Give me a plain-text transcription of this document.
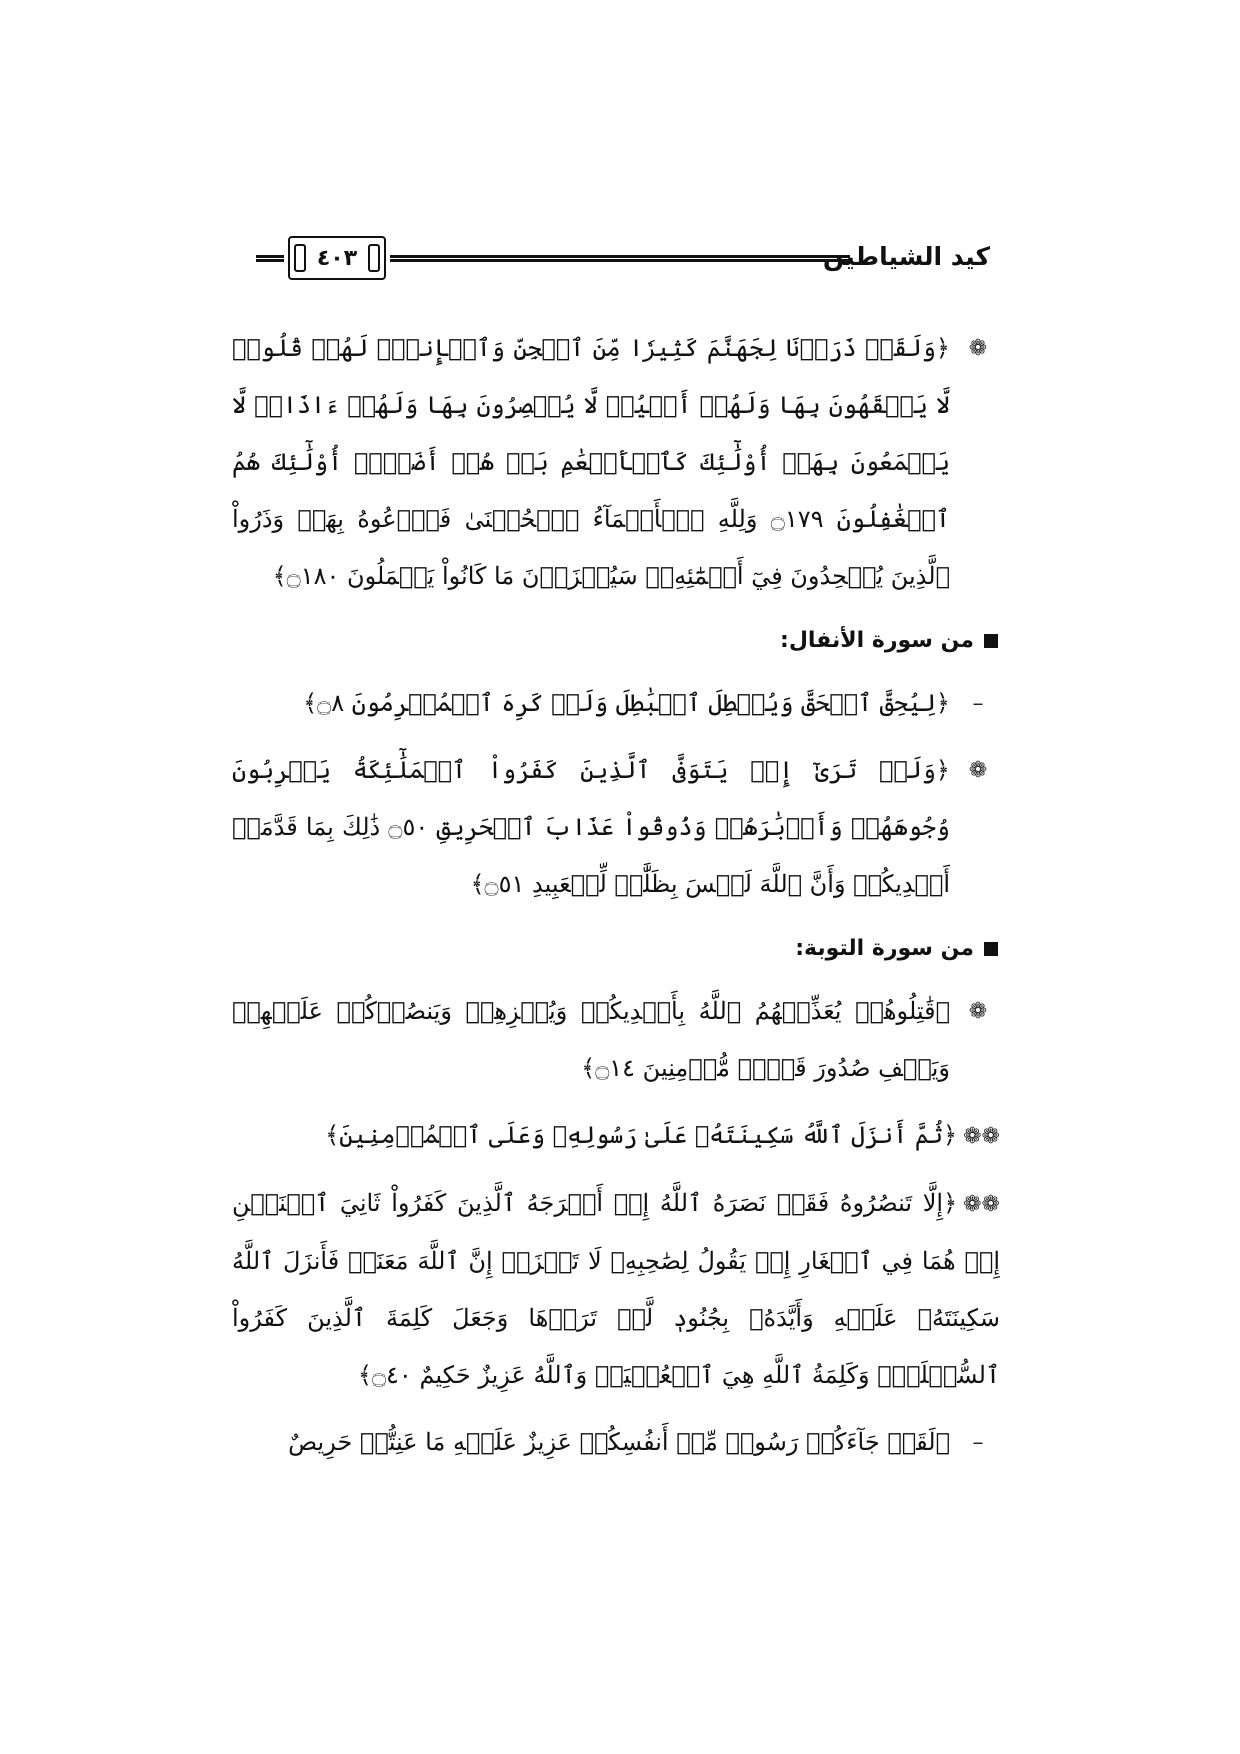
٤٠٣	كيد الشياطين
❁
﴿وَلَقَدۡ ذَرَأۡنَا لِجَهَنَّمَ كَثِيرٗا مِّنَ ٱلۡجِنِّ وَٱلۡإِنسِۖ لَهُمۡ قُلُوبٞ لَّا يَفۡقَهُونَ بِهَا وَلَهُمۡ أَعۡيُنٞ لَّا يُبۡصِرُونَ بِهَا وَلَهُمۡ ءَاذَانٞ لَّا يَسۡمَعُونَ بِهَآۚ أُوْلَٰٓئِكَ كَٱلۡأَنۡعَٰمِ بَلۡ هُمۡ أَضَلُّۚ أُوْلَٰٓئِكَ هُمُ ٱلۡغَٰفِلُونَ ۝١٧٩ وَلِلَّهِ ٱلۡأَسۡمَآءُ ٱلۡحُسۡنَىٰ فَٱدۡعُوهُ بِهَاۖ وَذَرُواْ ٱلَّذِينَ يُلۡحِدُونَ فِيٓ أَسۡمَٰٓئِهِۦۚ سَيُجۡزَوۡنَ مَا كَانُواْ يَعۡمَلُونَ ۝١٨٠﴾
من سورة الأنفال:
–
﴿لِيُحِقَّ ٱلۡحَقَّ وَيُبۡطِلَ ٱلۡبَٰطِلَ وَلَوۡ كَرِهَ ٱلۡمُجۡرِمُونَ ۝٨﴾
❁
﴿وَلَوۡ تَرَىٰٓ إِذۡ يَتَوَفَّى ٱلَّذِينَ كَفَرُواْ ٱلۡمَلَٰٓئِكَةُ يَضۡرِبُونَ وُجُوهَهُمۡ وَأَدۡبَٰرَهُمۡ وَذُوقُواْ عَذَابَ ٱلۡحَرِيقِ ۝٥٠ ذَٰلِكَ بِمَا قَدَّمَتۡ أَيۡدِيكُمۡ وَأَنَّ ٱللَّهَ لَيۡسَ بِظَلَّٰمٖ لِّلۡعَبِيدِ ۝٥١﴾
من سورة التوبة:
❁
﴿قَٰتِلُوهُمۡ يُعَذِّبۡهُمُ ٱللَّهُ بِأَيۡدِيكُمۡ وَيُخۡزِهِمۡ وَيَنصُرۡكُمۡ عَلَيۡهِمۡ وَيَشۡفِ صُدُورَ قَوۡمٖ مُّؤۡمِنِينَ ۝١٤﴾
❁❁﴿ثُمَّ أَنزَلَ ٱللَّهُ سَكِينَتَهُۥ عَلَىٰ رَسُولِهِۦ وَعَلَى ٱلۡمُؤۡمِنِينَ﴾
❁❁﴿إِلَّا تَنصُرُوهُ فَقَدۡ نَصَرَهُ ٱللَّهُ إِذۡ أَخۡرَجَهُ ٱلَّذِينَ كَفَرُواْ ثَانِيَ ٱثۡنَيۡنِ إِذۡ هُمَا فِي ٱلۡغَارِ إِذۡ يَقُولُ لِصَٰحِبِهِۦ لَا تَحۡزَنۡ إِنَّ ٱللَّهَ مَعَنَاۖ فَأَنزَلَ ٱللَّهُ سَكِينَتَهُۥ عَلَيۡهِ وَأَيَّدَهُۥ بِجُنُودٖ لَّمۡ تَرَوۡهَا وَجَعَلَ كَلِمَةَ ٱلَّذِينَ كَفَرُواْ ٱلسُّفۡلَىٰۗ وَكَلِمَةُ ٱللَّهِ هِيَ ٱلۡعُلۡيَاۗ وَٱللَّهُ عَزِيزٌ حَكِيمٌ ۝٤٠﴾
–
﴿لَقَدۡ جَآءَكُمۡ رَسُولٞ مِّنۡ أَنفُسِكُمۡ عَزِيزٌ عَلَيۡهِ مَا عَنِتُّمۡ حَرِيصٌ
